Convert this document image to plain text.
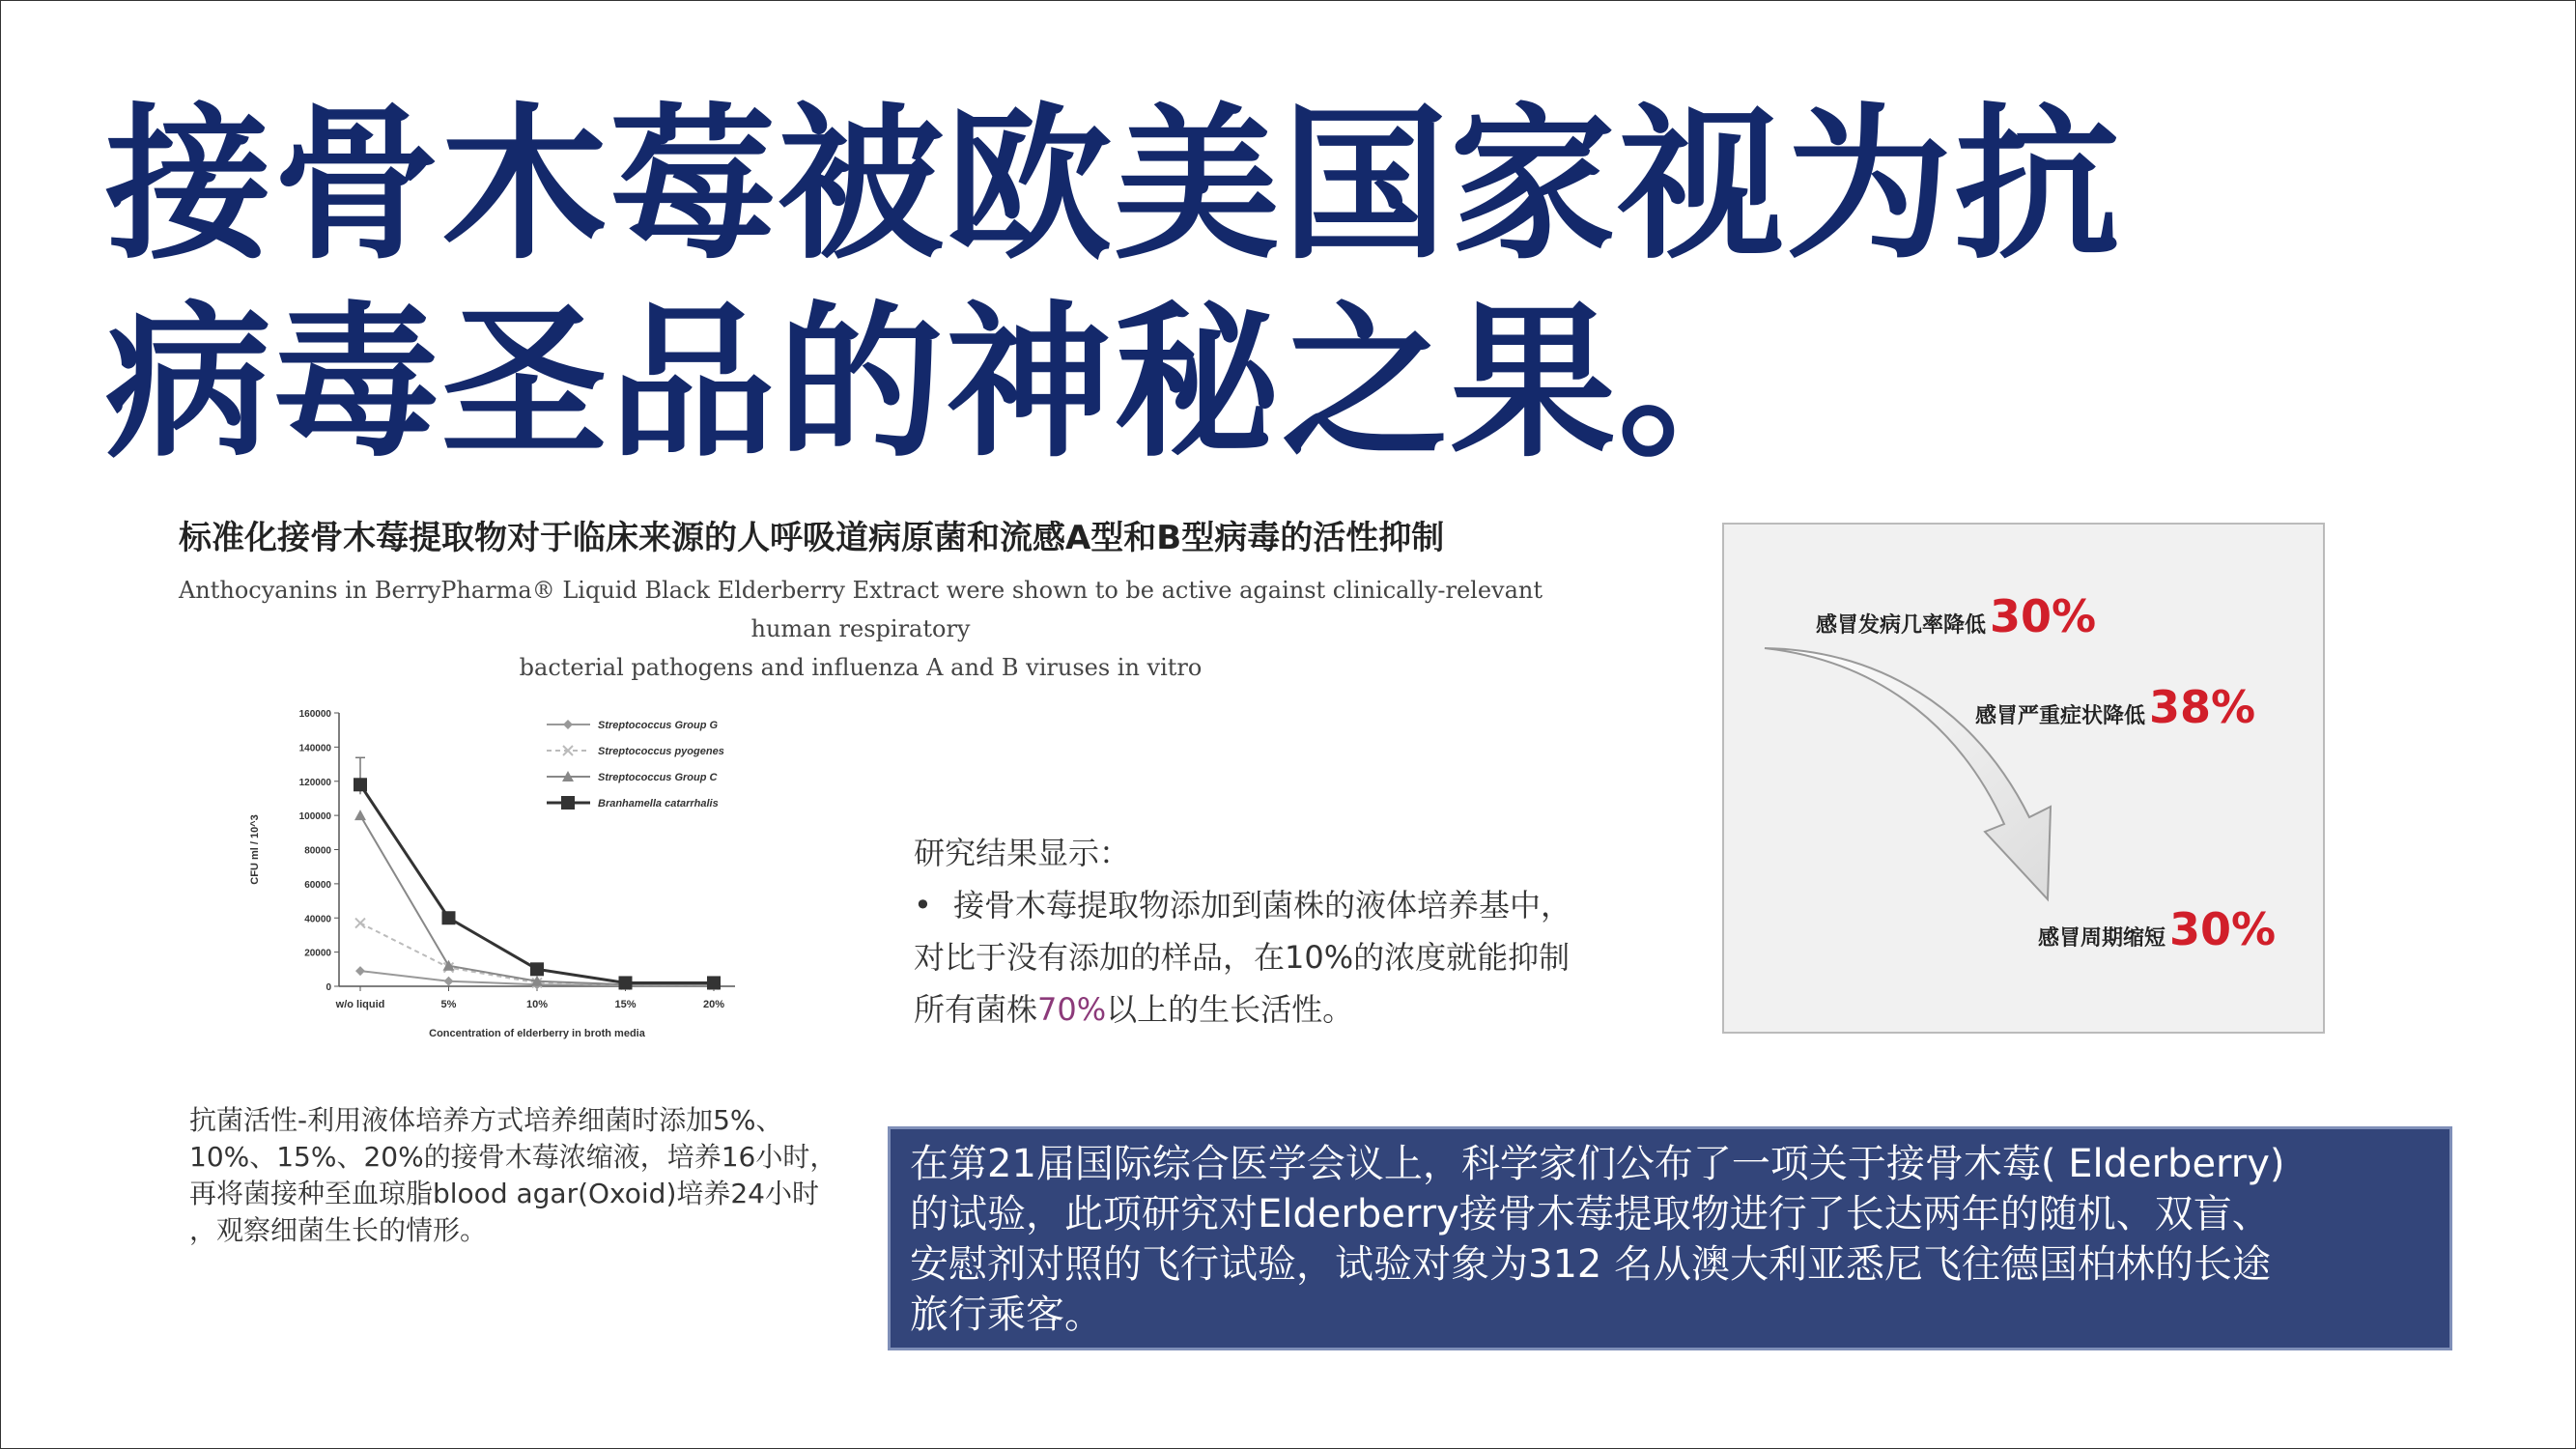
接骨木莓被欧美国家视为抗
病毒圣品的神秘之果。
标准化接骨木莓提取物对于临床来源的人呼吸道病原菌和流感A型和B型病毒的活性抑制
Anthocyanins in BerryPharma® Liquid Black Elderberry Extract were shown to be active against clinically-relevant human respiratory
bacterial pathogens and influenza A and B viruses in vitro
0
20000
40000
60000
80000
100000
120000
140000
160000
w/o liquid	5%	10%	15%	20%
Concentration of elderberry in broth media
CFU ml / 10^3
Streptococcus Group G
Streptococcus pyogenes
Streptococcus Group C
Branhamella catarrhalis
抗菌活性-利用液体培养方式培养细菌时添加5%、
10%、15%、20%的接骨木莓浓缩液，培养16小时，
再将菌接种至血琼脂blood agar(Oxoid)培养24小时
，观察细菌生长的情形。
研究结果显示：
• 接骨木莓提取物添加到菌株的液体培养基中，
对比于没有添加的样品，在10%的浓度就能抑制
所有菌株70%以上的生长活性。
感冒发病几率降低30%
感冒严重症状降低38%
感冒周期缩短30%
在第21届国际综合医学会议上，科学家们公布了一项关于接骨木莓( Elderberry)
的试验，此项研究对Elderberry接骨木莓提取物进行了长达两年的随机、双盲、
安慰剂对照的飞行试验，试验对象为312 名从澳大利亚悉尼飞往德国柏林的长途
旅行乘客。
